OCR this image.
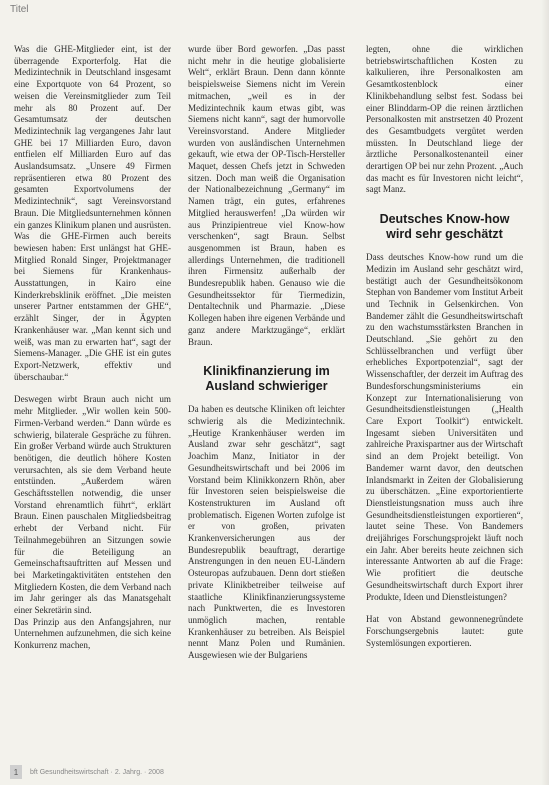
Titel

Was die GHE-Mitglieder eint, ist der überragende Exporterfolg. Hat die Medizintechnik in Deutschland insgesamt eine Exportquote von 64 Prozent, so weisen die Vereinsmitglieder zum Teil mehr als 80 Prozent auf. Der Gesamtumsatz der deutschen Medizintechnik lag vergangenes Jahr laut GHE bei 17 Milliarden Euro, davon entfielen elf Milliarden Euro auf das Auslandsumsatz. „Unsere 49 Firmen repräsentieren etwa 80 Prozent des gesamten Exportvolumens der Medizintechnik“, sagt Vereinsvorstand Braun. Die Mitgliedsunternehmen können ein ganzes Klinikum planen und ausrüsten. Was die GHE-Firmen auch bereits bewiesen haben: Erst unlängst hat GHE-Mitglied Ronald Singer, Projektmanager bei Siemens für Krankenhaus-Ausstattungen, in Kairo eine Kinderkrebsklinik eröffnet. „Die meisten unserer Partner entstammen der GHE“, erzählt Singer, der in Ägypten Krankenhäuser war. „Man kennt sich und weiß, was man zu erwarten hat“, sagt der Siemens-Manager. „Die GHE ist ein gutes Export-Netzwerk, effektiv und überschaubar.“

Deswegen wirbt Braun auch nicht um mehr Mitglieder. „Wir wollen kein 500-Firmen-Verband werden.“ Dann würde es schwierig, bilaterale Gespräche zu führen. Ein großer Verband würde auch Strukturen benötigen, die deutlich höhere Kosten verursachten, als sie dem Verband heute entstünden. „Außerdem wären Geschäftsstellen notwendig, die unser Vorstand ehrenamtlich führt“, erklärt Braun. Einen pauschalen Mitgliedsbeitrag erhebt der Verband nicht. Für Teilnahmegebühren an Sitzungen sowie für die Beteiligung an Gemeinschaftsauftritten auf Messen und bei Marketingaktivitäten entstehen den Mitgliedern Kosten, die dem Verband nach im Jahr geringer als das Manatsgehalt einer Sekretärin sind.

Das Prinzip aus den Anfangsjahren, nur Unternehmen aufzunehmen, die sich keine Konkurrenz machen,

wurde über Bord geworfen. „Das passt nicht mehr in die heutige globalisierte Welt“, erklärt Braun. Denn dann könnte beispielsweise Siemens nicht im Verein mitmachen, „weil es in der Medizintechnik kaum etwas gibt, was Siemens nicht kann“, sagt der humorvolle Vereinsvorstand. Andere Mitglieder wurden von ausländischen Unternehmen gekauft, wie etwa der OP-Tisch-Hersteller Maquet, dessen Chefs jetzt in Schweden sitzen. Doch man weiß die Organisation der Nationalbezeichnung „Germany“ im Namen trägt, ein gutes, erfahrenes Mitglied herauswerfen! „Da würden wir aus Prinzipientreue viel Know-how verschenken“, sagt Braun. Selbst ausgenommen ist Braun, haben es allerdings Unternehmen, die traditionell ihren Firmensitz außerhalb der Bundesrepublik haben. Genauso wie die Gesundheitssektor für Tiermedizin, Dentaltechnik und Pharmazie. „Diese Kollegen haben ihre eigenen Verbände und ganz andere Marktzugänge“, erklärt Braun.

Klinikfinanzierung im Ausland schwieriger

Da haben es deutsche Kliniken oft leichter schwierig als die Medizintechnik. „Heutige Krankenhäuser werden im Ausland zwar sehr geschätzt“, sagt Joachim Manz, Initiator in der Gesundheitswirtschaft und bei 2006 im Vorstand beim Klinikkonzern Rhön, aber für Investoren seien beispielsweise die Kostenstrukturen im Ausland oft problematisch. Eigenen Worten zufolge ist er von großen, privaten Krankenversicherungen aus der Bundesrepublik beauftragt, derartige Anstrengungen in den neuen EU-Ländern Osteuropas aufzubauen. Denn dort stießen private Klinikbetreiber teilweise auf staatliche Klinikfinanzierungssysteme nach Punktwerten, die es Investoren unmöglich machen, rentable Krankenhäuser zu betreiben. Als Beispiel nennt Manz Polen und Rumänien. Ausgewiesen wie der Bulgariens

legten, ohne die wirklichen betriebswirtschaftlichen Kosten zu kalkulieren, ihre Personalkosten am Gesamtkostenblock einer Klinikbehandlung selbst fest. Sodass bei einer Blinddarm-OP die reinen ärztlichen Personalkosten mit anstrsetzen 40 Prozent des Gesamtbudgets vergütet werden müssten. In Deutschland liege der ärztliche Personalkostenanteil einer derartigen OP bei nur zehn Prozent. „Auch das macht es für Investoren nicht leicht“, sagt Manz.

Deutsches Know-how wird sehr geschätzt

Dass deutsches Know-how rund um die Medizin im Ausland sehr geschätzt wird, bestätigt auch der Gesundheitsökonom Stephan von Bandemer vom Institut Arbeit und Technik in Gelsenkirchen. Von Bandemer zählt die Gesundheitswirtschaft zu den wachstumsstärksten Branchen in Deutschland. „Sie gehört zu den Schlüsselbranchen und verfügt über erhebliches Exportpotenzial“, sagt der Wissenschaftler, der derzeit im Auftrag des Bundesforschungsministeriums ein Konzept zur Internationalisierung von Gesundheitsdienstleistungen („Health Care Export Toolkit“) entwickelt. Ingesamt sieben Universitäten und zahlreiche Praxispartner aus der Wirtschaft sind an dem Projekt beteiligt. Von Bandemer warnt davor, den deutschen Inlandsmarkt in Zeiten der Globalisierung zu überschätzen. „Eine exportorientierte Dienstleistungsnation muss auch ihre Gesundheitsdienstleistungen exportieren“, lautet seine These. Von Bandemers dreijähriges Forschungsprojekt läuft noch ein Jahr. Aber bereits heute zeichnen sich interessante Antworten ab auf die Frage: Wie profitiert die deutsche Gesundheitswirtschaft durch Export ihrer Produkte, Ideen und Dienstleistungen?

Hat von Abstand gewonnenegründete Forschungsergebnis lautet: gute Systemlösungen exportieren.

1	bft Gesundheitswirtschaft · 2. Jahrg. · 2008
